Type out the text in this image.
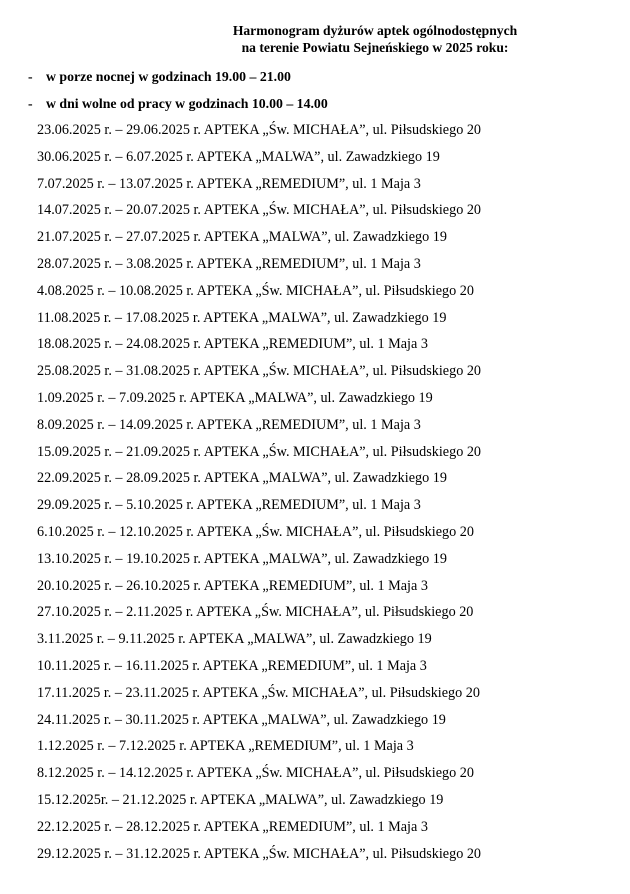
Harmonogram dyżurów aptek ogólnodostępnych
na terenie Powiatu Sejneńskiego w 2025 roku:
- w porze nocnej w godzinach 19.00 – 21.00
- w dni wolne od pracy w godzinach 10.00 – 14.00
23.06.2025 r. – 29.06.2025 r. APTEKA „Św. MICHAŁA”, ul. Piłsudskiego 20
30.06.2025 r. – 6.07.2025 r. APTEKA „MALWA”, ul. Zawadzkiego 19
7.07.2025 r. – 13.07.2025 r. APTEKA „REMEDIUM”, ul. 1 Maja 3
14.07.2025 r. – 20.07.2025 r. APTEKA „Św. MICHAŁA”, ul. Piłsudskiego 20
21.07.2025 r. – 27.07.2025 r. APTEKA „MALWA”, ul. Zawadzkiego 19
28.07.2025 r. – 3.08.2025 r. APTEKA „REMEDIUM”, ul. 1 Maja 3
4.08.2025 r. – 10.08.2025 r. APTEKA „Św. MICHAŁA”, ul. Piłsudskiego 20
11.08.2025 r. – 17.08.2025 r. APTEKA „MALWA”, ul. Zawadzkiego 19
18.08.2025 r. – 24.08.2025 r. APTEKA „REMEDIUM”, ul. 1 Maja 3
25.08.2025 r. – 31.08.2025 r. APTEKA „Św. MICHAŁA”, ul. Piłsudskiego 20
1.09.2025 r. – 7.09.2025 r. APTEKA „MALWA”, ul. Zawadzkiego 19
8.09.2025 r. – 14.09.2025 r. APTEKA „REMEDIUM”, ul. 1 Maja 3
15.09.2025 r. – 21.09.2025 r. APTEKA „Św. MICHAŁA”, ul. Piłsudskiego 20
22.09.2025 r. – 28.09.2025 r. APTEKA „MALWA”, ul. Zawadzkiego 19
29.09.2025 r. – 5.10.2025 r. APTEKA „REMEDIUM”, ul. 1 Maja 3
6.10.2025 r. – 12.10.2025 r. APTEKA „Św. MICHAŁA”, ul. Piłsudskiego 20
13.10.2025 r. – 19.10.2025 r. APTEKA „MALWA”, ul. Zawadzkiego 19
20.10.2025 r. – 26.10.2025 r. APTEKA „REMEDIUM”, ul. 1 Maja 3
27.10.2025 r. – 2.11.2025 r. APTEKA „Św. MICHAŁA”, ul. Piłsudskiego 20
3.11.2025 r. – 9.11.2025 r. APTEKA „MALWA”, ul. Zawadzkiego 19
10.11.2025 r. – 16.11.2025 r. APTEKA „REMEDIUM”, ul. 1 Maja 3
17.11.2025 r. – 23.11.2025 r. APTEKA „Św. MICHAŁA”, ul. Piłsudskiego 20
24.11.2025 r. – 30.11.2025 r. APTEKA „MALWA”, ul. Zawadzkiego 19
1.12.2025 r. – 7.12.2025 r. APTEKA „REMEDIUM”, ul. 1 Maja 3
8.12.2025 r. – 14.12.2025 r. APTEKA „Św. MICHAŁA”, ul. Piłsudskiego 20
15.12.2025r. – 21.12.2025 r. APTEKA „MALWA”, ul. Zawadzkiego 19
22.12.2025 r. – 28.12.2025 r. APTEKA „REMEDIUM”, ul. 1 Maja 3
29.12.2025 r. – 31.12.2025 r. APTEKA „Św. MICHAŁA”, ul. Piłsudskiego 20
